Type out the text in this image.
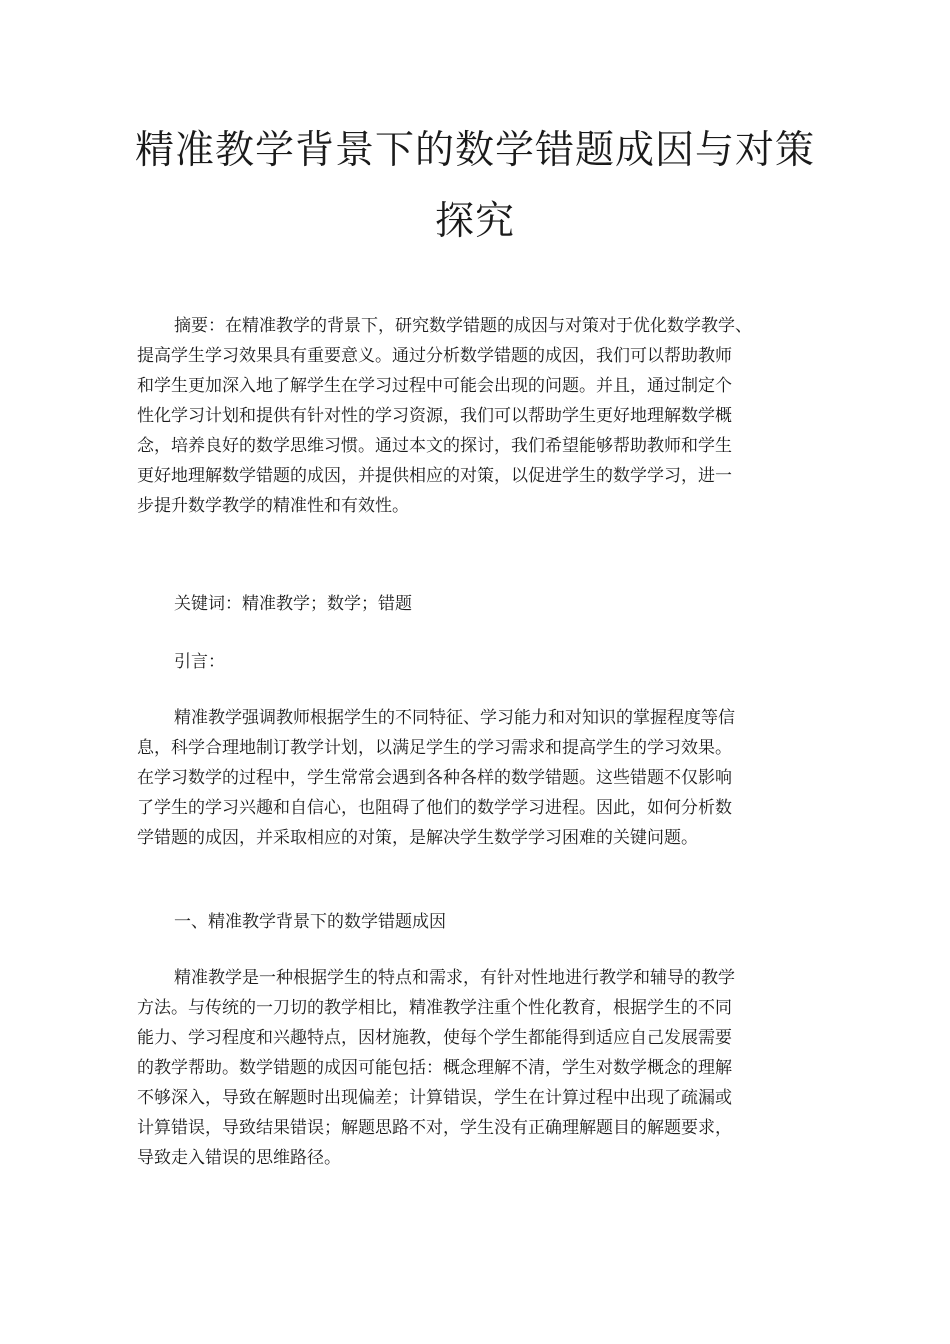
精准教学背景下的数学错题成因与对策
探究
摘要：在精准教学的背景下，研究数学错题的成因与对策对于优化数学教学、
提高学生学习效果具有重要意义。通过分析数学错题的成因，我们可以帮助教师
和学生更加深入地了解学生在学习过程中可能会出现的问题。并且，通过制定个
性化学习计划和提供有针对性的学习资源，我们可以帮助学生更好地理解数学概
念，培养良好的数学思维习惯。通过本文的探讨，我们希望能够帮助教师和学生
更好地理解数学错题的成因，并提供相应的对策，以促进学生的数学学习，进一
步提升数学教学的精准性和有效性。
关键词：精准教学；数学；错题
引言：
精准教学强调教师根据学生的不同特征、学习能力和对知识的掌握程度等信
息，科学合理地制订教学计划，以满足学生的学习需求和提高学生的学习效果。
在学习数学的过程中，学生常常会遇到各种各样的数学错题。这些错题不仅影响
了学生的学习兴趣和自信心，也阻碍了他们的数学学习进程。因此，如何分析数
学错题的成因，并采取相应的对策，是解决学生数学学习困难的关键问题。
一、精准教学背景下的数学错题成因
精准教学是一种根据学生的特点和需求，有针对性地进行教学和辅导的教学
方法。与传统的一刀切的教学相比，精准教学注重个性化教育，根据学生的不同
能力、学习程度和兴趣特点，因材施教，使每个学生都能得到适应自己发展需要
的教学帮助。数学错题的成因可能包括：概念理解不清，学生对数学概念的理解
不够深入，导致在解题时出现偏差；计算错误，学生在计算过程中出现了疏漏或
计算错误，导致结果错误；解题思路不对，学生没有正确理解题目的解题要求，
导致走入错误的思维路径。
